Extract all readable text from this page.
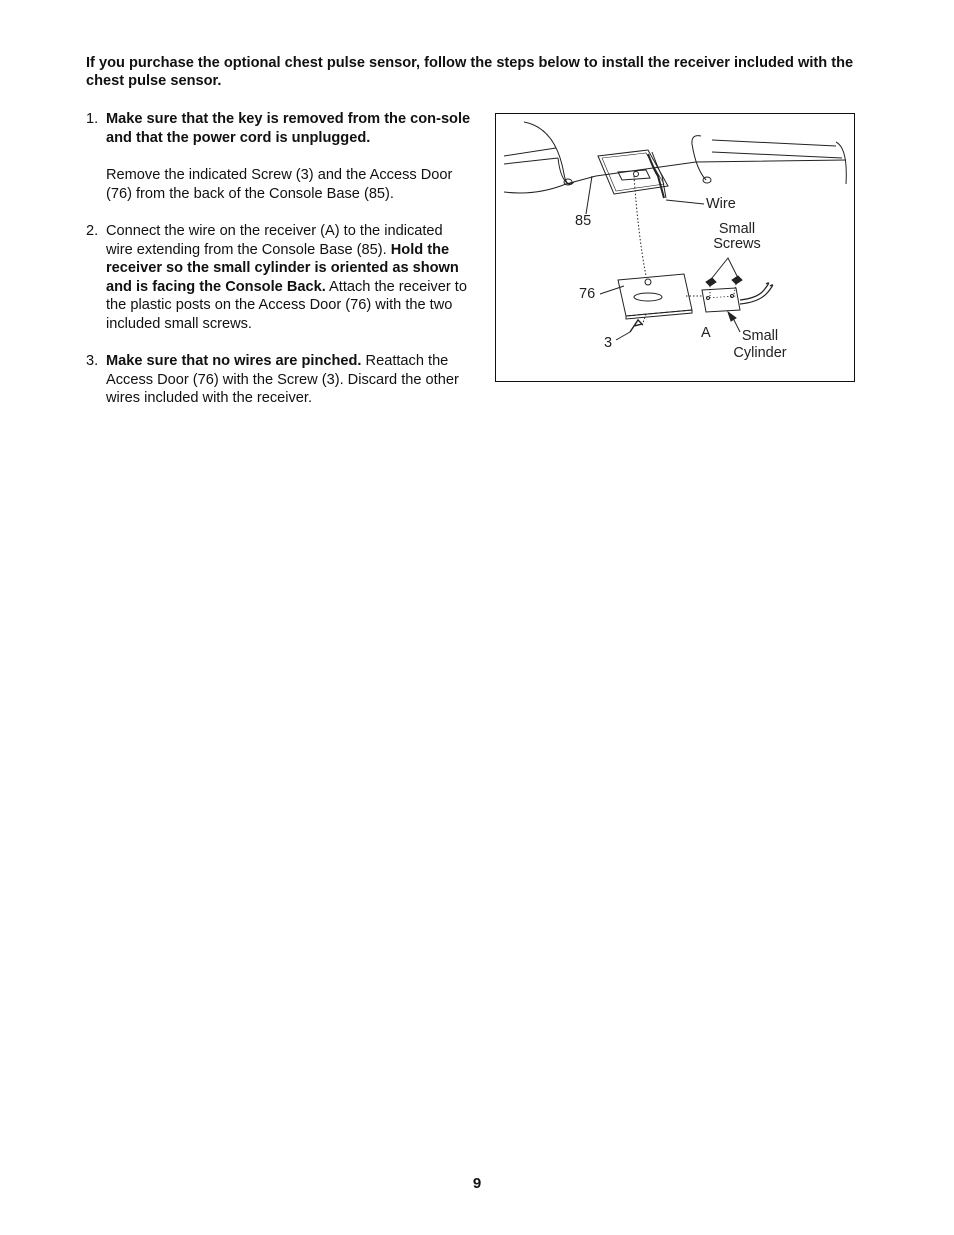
If you purchase the optional chest pulse sensor, follow the steps below to install the receiver included with the chest pulse sensor.

1. Make sure that the key is removed from the con-sole and that the power cord is unplugged.

Remove the indicated Screw (3) and the Access Door (76) from the back of the Console Base (85).

2. Connect the wire on the receiver (A) to the indicated wire extending from the Console Base (85). Hold the receiver so the small cylinder is oriented as shown and is facing the Console Back. Attach the receiver to the plastic posts on the Access Door (76) with the two included small screws.

3. Make sure that no wires are pinched. Reattach the Access Door (76) with the Screw (3). Discard the other wires included with the receiver.

85
Wire
Small
Screws
76
3
A	Small
Cylinder
9
